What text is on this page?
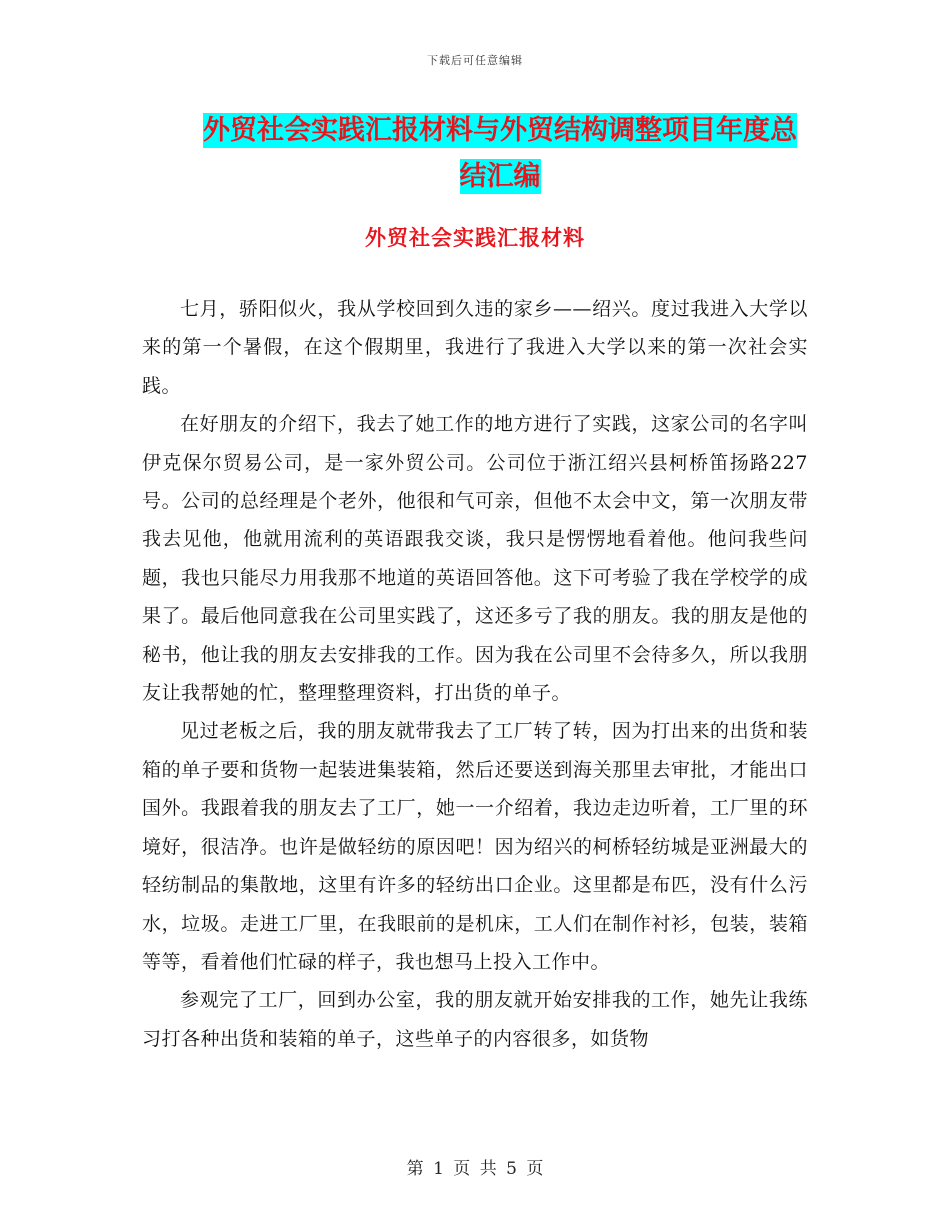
下载后可任意编辑
外贸社会实践汇报材料与外贸结构调整项目年度总结汇编
外贸社会实践汇报材料

七月，骄阳似火，我从学校回到久违的家乡——绍兴。度过我进入大学以来的第一个暑假，在这个假期里，我进行了我进入大学以来的第一次社会实践。

在好朋友的介绍下，我去了她工作的地方进行了实践，这家公司的名字叫伊克保尔贸易公司，是一家外贸公司。公司位于浙江绍兴县柯桥笛扬路227号。公司的总经理是个老外，他很和气可亲，但他不太会中文，第一次朋友带我去见他，他就用流利的英语跟我交谈，我只是愣愣地看着他。他问我些问题，我也只能尽力用我那不地道的英语回答他。这下可考验了我在学校学的成果了。最后他同意我在公司里实践了，这还多亏了我的朋友。我的朋友是他的秘书，他让我的朋友去安排我的工作。因为我在公司里不会待多久，所以我朋友让我帮她的忙，整理整理资料，打出货的单子。

见过老板之后，我的朋友就带我去了工厂转了转，因为打出来的出货和装箱的单子要和货物一起装进集装箱，然后还要送到海关那里去审批，才能出口国外。我跟着我的朋友去了工厂，她一一介绍着，我边走边听着，工厂里的环境好，很洁净。也许是做轻纺的原因吧！因为绍兴的柯桥轻纺城是亚洲最大的轻纺制品的集散地，这里有许多的轻纺出口企业。这里都是布匹，没有什么污水，垃圾。走进工厂里，在我眼前的是机床，工人们在制作衬衫，包装，装箱等等，看着他们忙碌的样子，我也想马上投入工作中。

参观完了工厂，回到办公室，我的朋友就开始安排我的工作，她先让我练习打各种出货和装箱的单子，这些单子的内容很多，如货物

第 1 页 共 5 页
